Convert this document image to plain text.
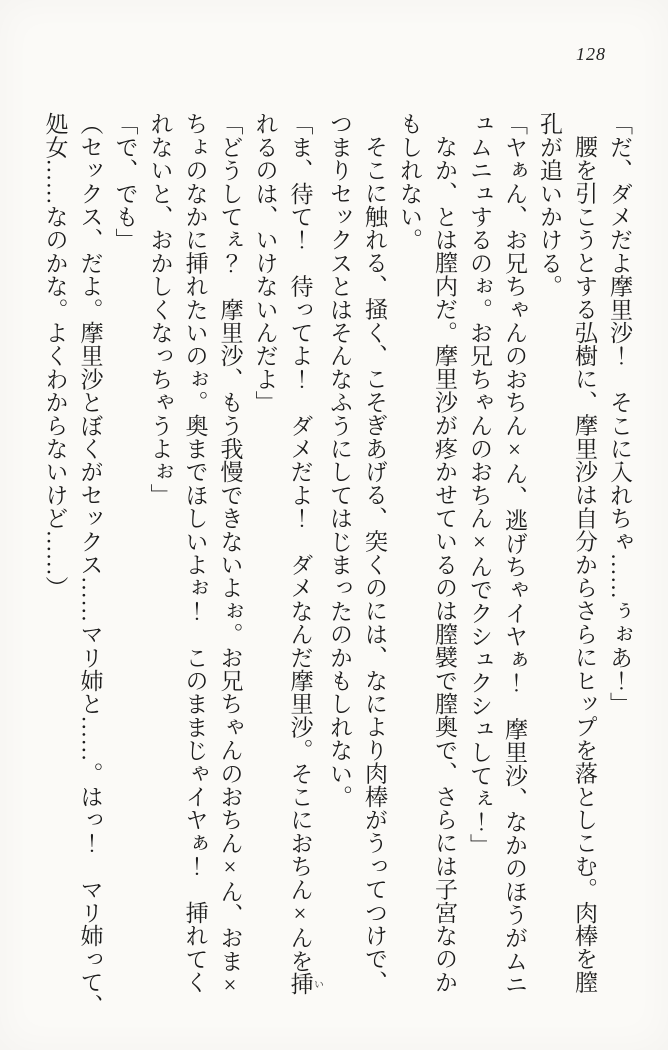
128

「だ、ダメだよ摩里沙！　そこに入れちゃ……ぅぉあ！」

腰を引こうとする弘樹に、摩里沙は自分からさらにヒップを落としこむ。肉棒を膣

孔が追いかける。

「ヤぁん、お兄ちゃんのおちん×ん、逃げちゃイヤぁ！　摩里沙、なかのほうがムニ

ュムニュするのぉ。お兄ちゃんのおちん×んでクシュクシュしてぇ！」

なか、とは膣内だ。摩里沙が疼かせているのは膣襞で膣奥で、さらには子宮なのか

もしれない。

そこに触れる、掻く、こそぎあげる、突くのには、なにより肉棒がうってつけで、

つまりセックスとはそんなふうにしてはじまったのかもしれない。

「ま、待て！　待ってよ！　ダメだよ！　ダメなんだ摩里沙。そこにおちん×んを挿 い

れるのは、いけないんだよ」

「どうしてぇ？　摩里沙、もう我慢できないよぉ。お兄ちゃんのおちん×ん、おま×

ちょのなかに挿れたいのぉ。奥までほしいよぉ！　このままじゃイヤぁ！　挿れてく

れないと、おかしくなっちゃうよぉ」

「で、でも」

（セックス、だよ。摩里沙とぼくがセックス……マリ姉と……。はっ！　マリ姉って、

処女……なのかな。よくわからないけど……）
